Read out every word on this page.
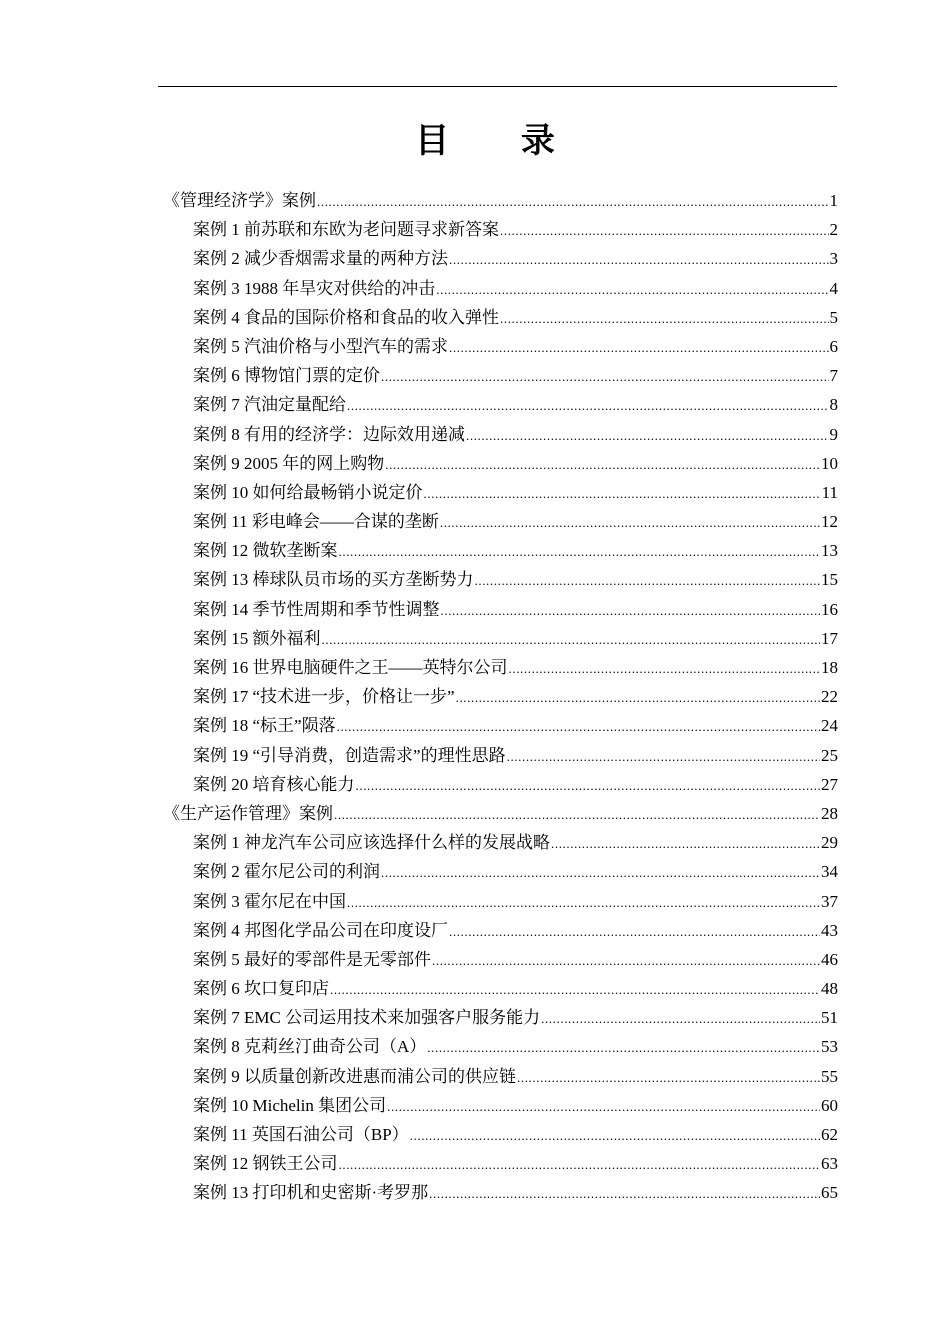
目 录
《管理经济学》案例 .....	1
案例 1 前苏联和东欧为老问题寻求新答案 .....	2
案例 2 减少香烟需求量的两种方法 .....	3
案例 3 1988 年旱灾对供给的冲击 .....	4
案例 4 食品的国际价格和食品的收入弹性 .....	5
案例 5 汽油价格与小型汽车的需求 .....	6
案例 6 博物馆门票的定价 .....	7
案例 7 汽油定量配给 .....	8
案例 8 有用的经济学：边际效用递减 .....	9
案例 9 2005 年的网上购物 .....	10
案例 10 如何给最畅销小说定价 .....	11
案例 11 彩电峰会——合谋的垄断 .....	12
案例 12 微软垄断案 .....	13
案例 13 棒球队员市场的买方垄断势力 .....	15
案例 14 季节性周期和季节性调整 .....	16
案例 15 额外福利 .....	17
案例 16 世界电脑硬件之王——英特尔公司 .....	18
案例 17 “技术进一步，价格让一步” .....	22
案例 18 “标王”陨落 .....	24
案例 19 “引导消费，创造需求”的理性思路 .....	25
案例 20 培育核心能力 .....	27
《生产运作管理》案例 .....	28
案例 1 神龙汽车公司应该选择什么样的发展战略 .....	29
案例 2 霍尔尼公司的利润 .....	34
案例 3 霍尔尼在中国 .....	37
案例 4 邦图化学品公司在印度设厂 .....	43
案例 5 最好的零部件是无零部件 .....	46
案例 6 坎口复印店 .....	48
案例 7 EMC 公司运用技术来加强客户服务能力 .....	51
案例 8 克莉丝汀曲奇公司（A） .....	53
案例 9 以质量创新改进惠而浦公司的供应链 .....	55
案例 10 Michelin 集团公司 .....	60
案例 11 英国石油公司（BP） .....	62
案例 12 钢铁王公司 .....	63
案例 13 打印机和史密斯·考罗那 .....	65
